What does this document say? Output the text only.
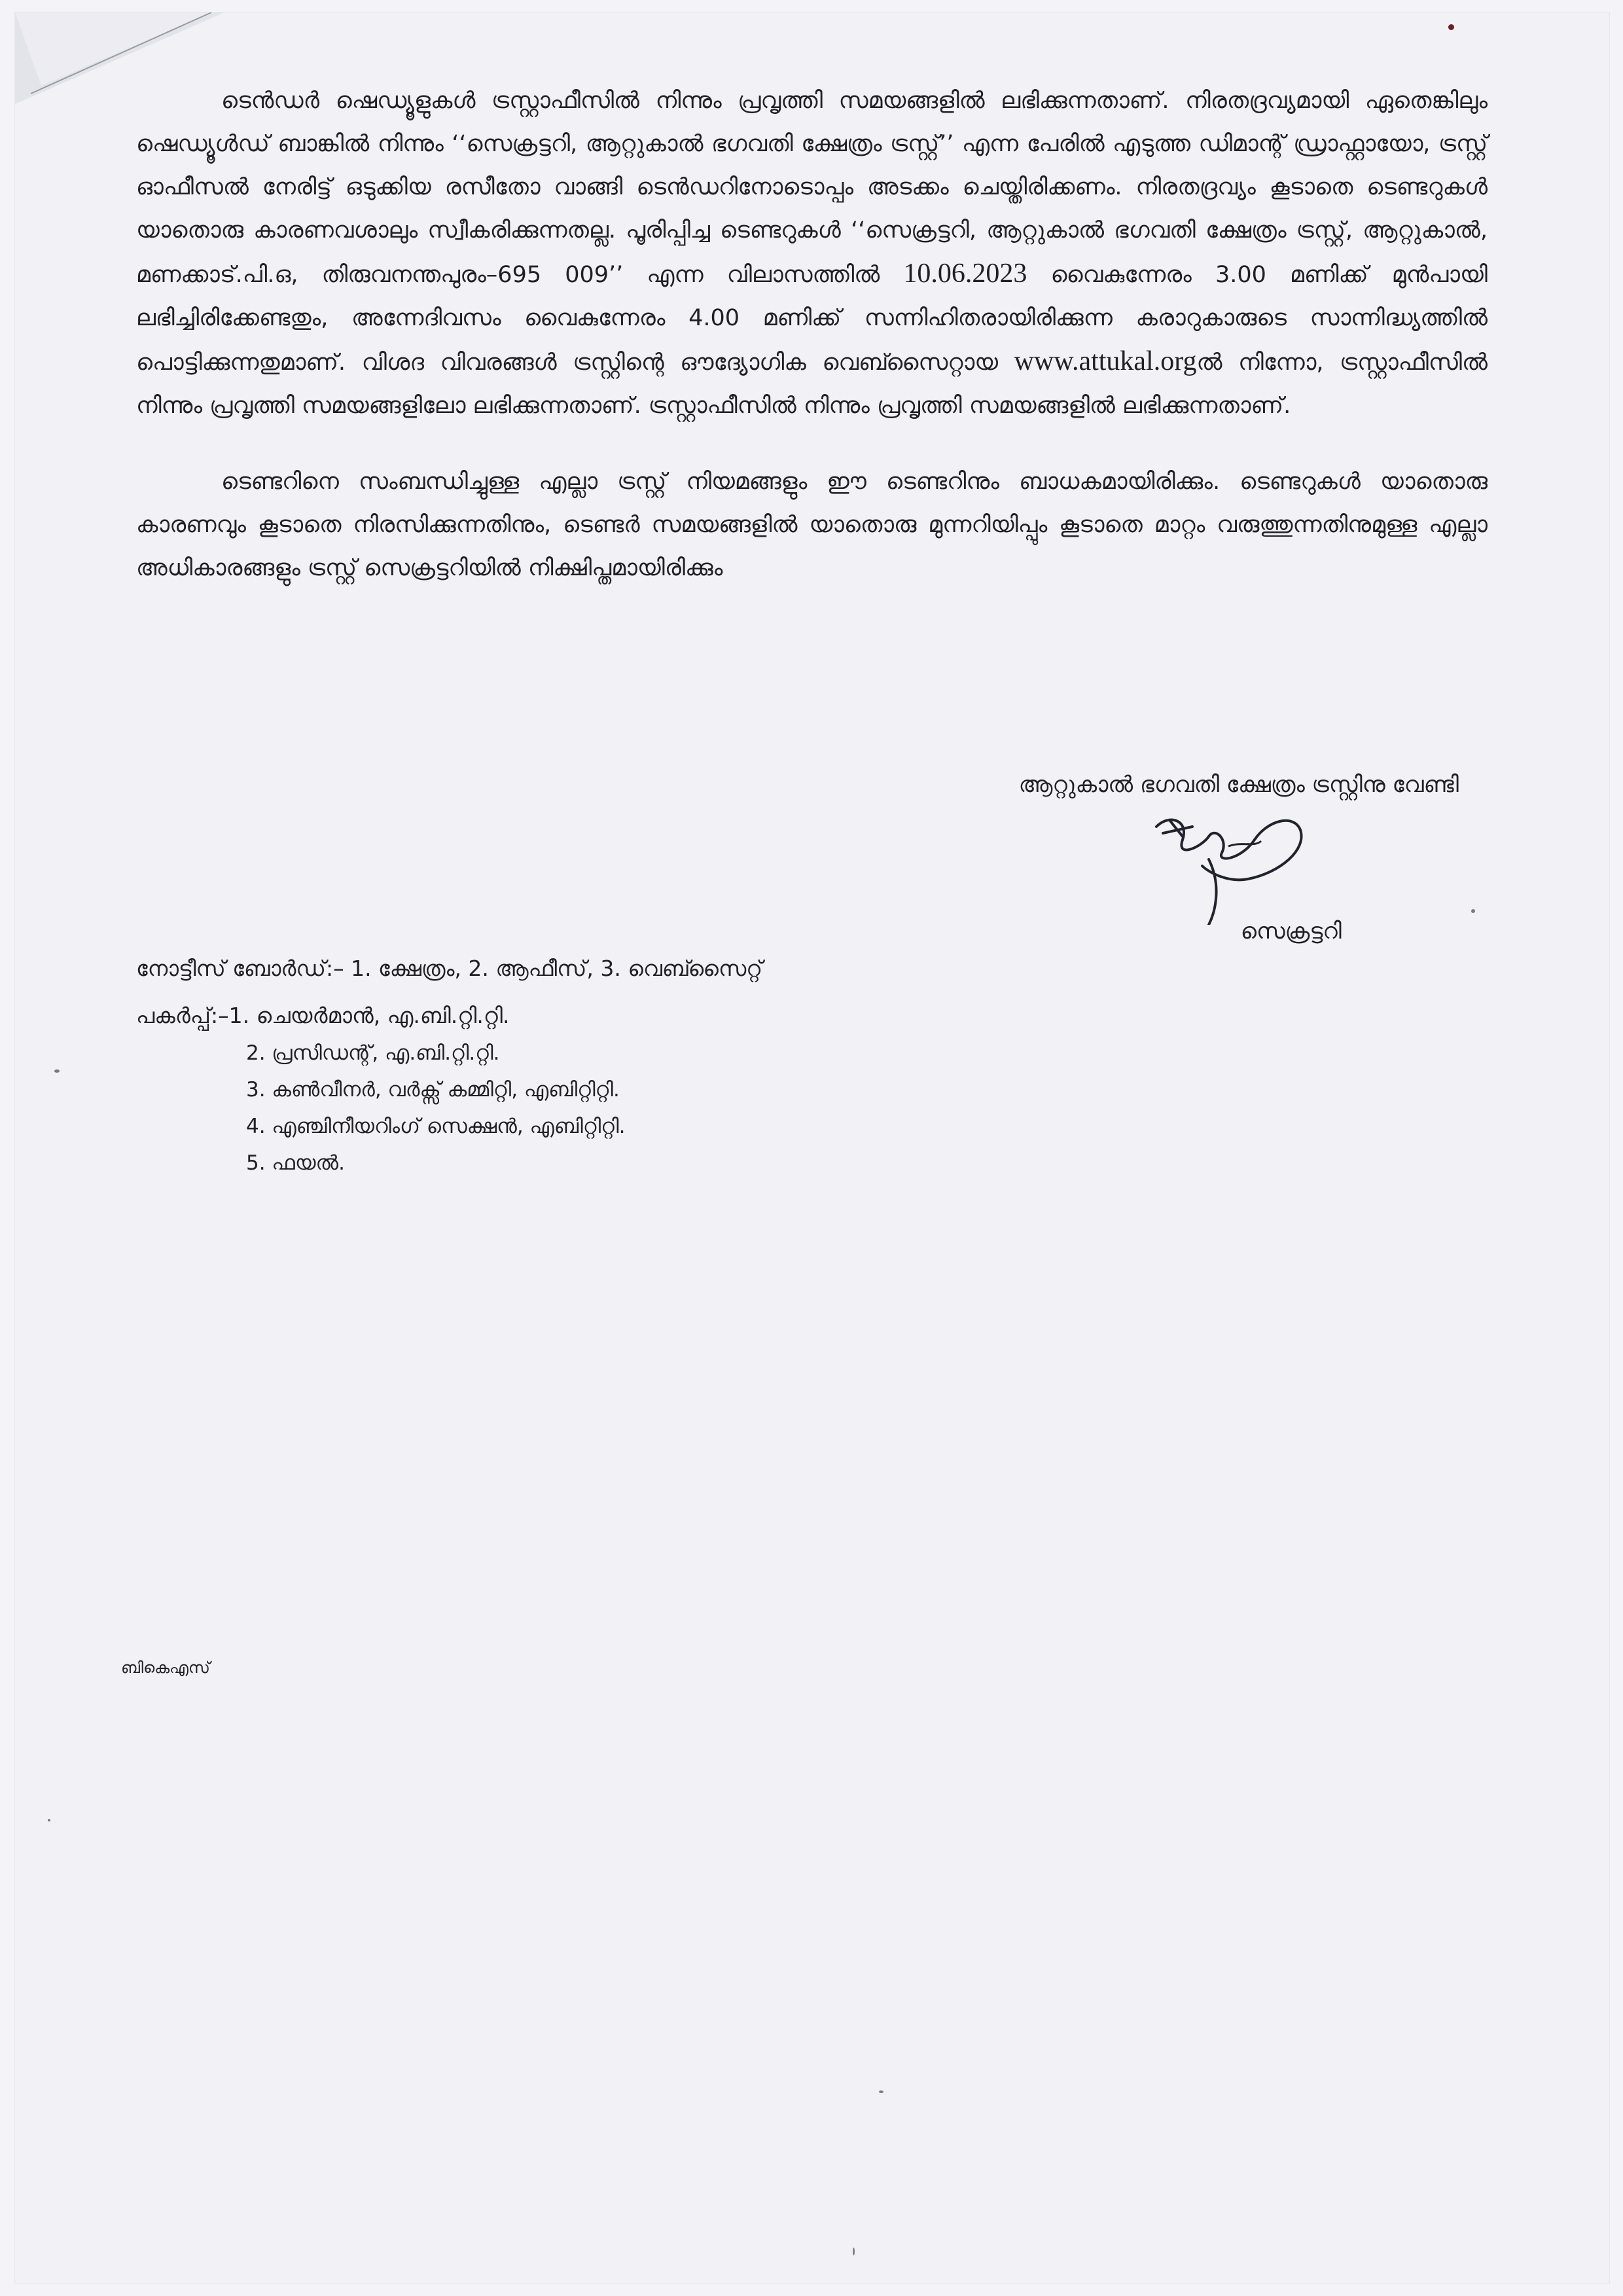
ടെൻഡർ ഷെഡ്യൂളുകൾ ട്രസ്റ്റാഫീസിൽ നിന്നും പ്രവൃത്തി സമയങ്ങളിൽ ലഭിക്കുന്നതാണ്. നിരതദ്രവ്യമായി ഏതെങ്കിലും ഷെഡ്യൂൾഡ് ബാങ്കിൽ നിന്നും ‘‘സെക്രട്ടറി, ആറ്റുകാൽ ഭഗവതി ക്ഷേത്രം ട്രസ്റ്റ്’’ എന്ന പേരിൽ എടുത്ത ഡിമാന്റ് ഡ്രാഫ്റ്റായോ, ട്രസ്റ്റ് ഓഫീസൽ നേരിട്ട് ഒടുക്കിയ രസീതോ വാങ്ങി ടെൻഡറിനോടൊപ്പം അടക്കം ചെയ്തിരിക്കണം. നിരതദ്രവ്യം കൂടാതെ ടെണ്ടറുകൾ യാതൊരു കാരണവശാലും സ്വീകരിക്കുന്നതല്ല. പൂരിപ്പിച്ച ടെണ്ടറുകൾ ‘‘സെക്രട്ടറി, ആറ്റുകാൽ ഭഗവതി ക്ഷേത്രം ട്രസ്റ്റ്, ആറ്റുകാൽ, മണക്കാട്.പി.ഒ, തിരുവനന്തപുരം–695 009’’ എന്ന വിലാസത്തിൽ 10.06.2023 വൈകുന്നേരം 3.00 മണിക്ക് മുൻപായി ലഭിച്ചിരിക്കേണ്ടതും, അന്നേദിവസം വൈകുന്നേരം 4.00 മണിക്ക് സന്നിഹിതരായിരിക്കുന്ന കരാറുകാരുടെ സാന്നിദ്ധ്യത്തിൽ പൊട്ടിക്കുന്നതുമാണ്. വിശദ വിവരങ്ങൾ ട്രസ്റ്റിന്റെ ഔദ്യോഗിക വെബ്സൈറ്റായ www.attukal.orgൽ നിന്നോ, ട്രസ്റ്റാഫീസിൽ നിന്നും പ്രവൃത്തി സമയങ്ങളിലോ ലഭിക്കുന്നതാണ്. ട്രസ്റ്റാഫീസിൽ നിന്നും പ്രവൃത്തി സമയങ്ങളിൽ ലഭിക്കുന്നതാണ്.

ടെണ്ടറിനെ സംബന്ധിച്ചുള്ള എല്ലാ ട്രസ്റ്റ് നിയമങ്ങളും ഈ ടെണ്ടറിനും ബാധകമായിരിക്കും. ടെണ്ടറുകൾ യാതൊരു കാരണവും കൂടാതെ നിരസിക്കുന്നതിനും, ടെണ്ടർ സമയങ്ങളിൽ യാതൊരു മുന്നറിയിപ്പും കൂടാതെ മാറ്റം വരുത്തുന്നതിനുമുള്ള എല്ലാ അധികാരങ്ങളും ട്രസ്റ്റ് സെക്രട്ടറിയിൽ നിക്ഷിപ്തമായിരിക്കും

ആറ്റുകാൽ ഭഗവതി ക്ഷേത്രം ട്രസ്റ്റിനു വേണ്ടി
സെക്രട്ടറി
നോട്ടീസ് ബോർഡ്:– 1. ക്ഷേത്രം, 2. ആഫീസ്, 3. വെബ്സൈറ്റ്
പകർപ്പ്:–1. ചെയർമാൻ, എ.ബി.റ്റി.റ്റി.
2. പ്രസിഡന്റ്, എ.ബി.റ്റി.റ്റി.
3. കൺവീനർ, വർക്സ് കമ്മിറ്റി, എബിറ്റിറ്റി.
4. എഞ്ചിനീയറിംഗ് സെക്ഷൻ, എബിറ്റിറ്റി.
5. ഫയൽ.
ബികെഎസ്
